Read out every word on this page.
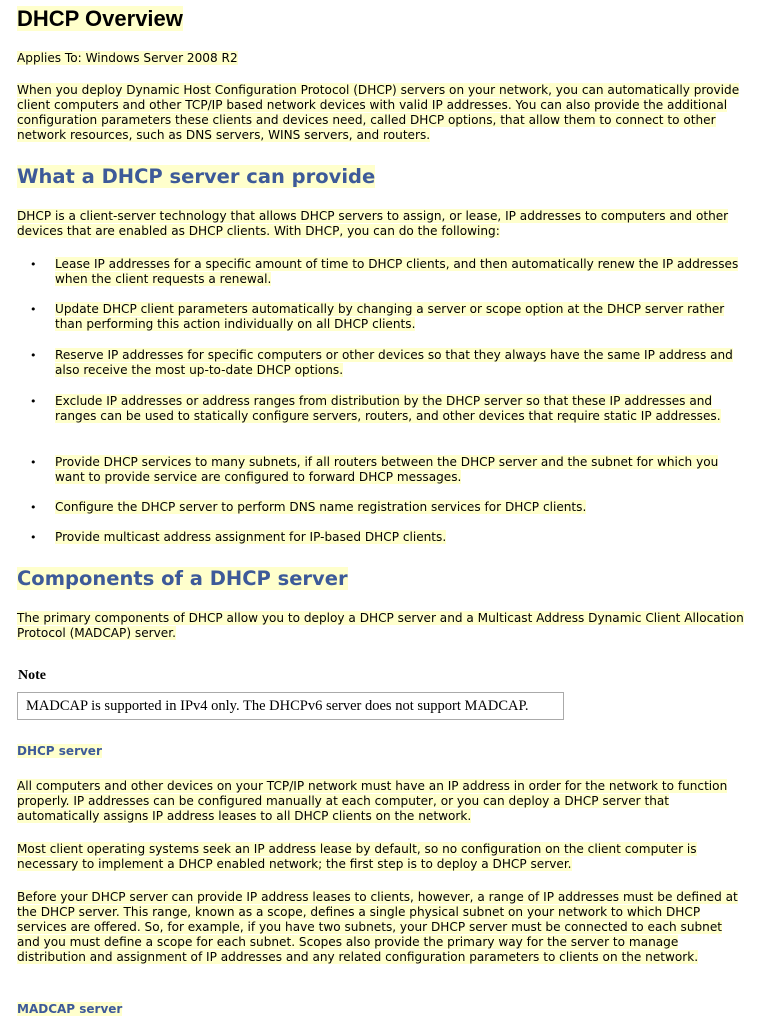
DHCP Overview

Applies To: Windows Server 2008 R2

When you deploy Dynamic Host Configuration Protocol (DHCP) servers on your network, you can automatically provide client computers and other TCP/IP based network devices with valid IP addresses. You can also provide the additional configuration parameters these clients and devices need, called DHCP options, that allow them to connect to other network resources, such as DNS servers, WINS servers, and routers.

What a DHCP server can provide

DHCP is a client-server technology that allows DHCP servers to assign, or lease, IP addresses to computers and other devices that are enabled as DHCP clients. With DHCP, you can do the following:

• Lease IP addresses for a specific amount of time to DHCP clients, and then automatically renew the IP addresses when the client requests a renewal.
• Update DHCP client parameters automatically by changing a server or scope option at the DHCP server rather than performing this action individually on all DHCP clients.
• Reserve IP addresses for specific computers or other devices so that they always have the same IP address and also receive the most up-to-date DHCP options.
• Exclude IP addresses or address ranges from distribution by the DHCP server so that these IP addresses and ranges can be used to statically configure servers, routers, and other devices that require static IP addresses.
• Provide DHCP services to many subnets, if all routers between the DHCP server and the subnet for which you want to provide service are configured to forward DHCP messages.
• Configure the DHCP server to perform DNS name registration services for DHCP clients.
• Provide multicast address assignment for IP-based DHCP clients.
Components of a DHCP server

The primary components of DHCP allow you to deploy a DHCP server and a Multicast Address Dynamic Client Allocation Protocol (MADCAP) server.

Note
MADCAP is supported in IPv4 only. The DHCPv6 server does not support MADCAP.
DHCP server

All computers and other devices on your TCP/IP network must have an IP address in order for the network to function properly. IP addresses can be configured manually at each computer, or you can deploy a DHCP server that automatically assigns IP address leases to all DHCP clients on the network.

Most client operating systems seek an IP address lease by default, so no configuration on the client computer is necessary to implement a DHCP enabled network; the first step is to deploy a DHCP server.

Before your DHCP server can provide IP address leases to clients, however, a range of IP addresses must be defined at the DHCP server. This range, known as a scope, defines a single physical subnet on your network to which DHCP services are offered. So, for example, if you have two subnets, your DHCP server must be connected to each subnet and you must define a scope for each subnet. Scopes also provide the primary way for the server to manage distribution and assignment of IP addresses and any related configuration parameters to clients on the network.

MADCAP server
